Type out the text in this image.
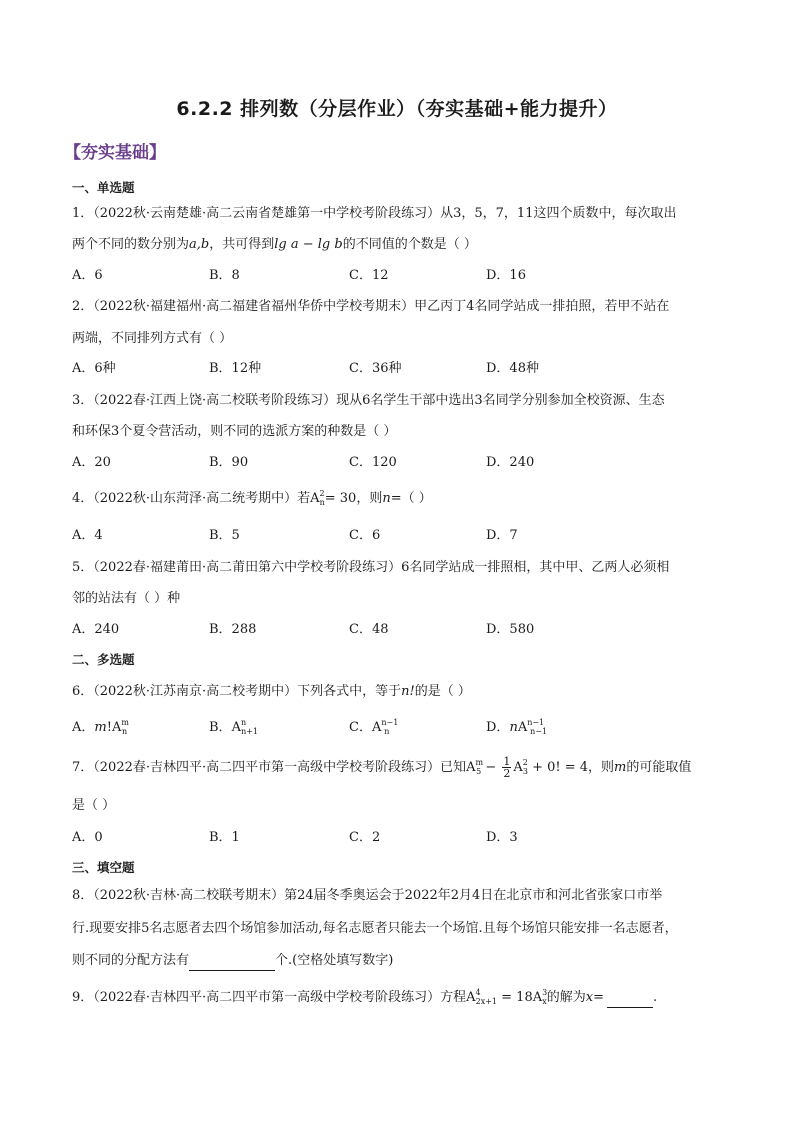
6.2.2 排列数（分层作业）（夯实基础+能力提升）
【夯实基础】
一、单选题
1．（2022秋·云南楚雄·高二云南省楚雄第一中学校考阶段练习）从3，5，7，11这四个质数中，每次取出
两个不同的数分别为a,b，共可得到lg a − lg b的不同值的个数是（ ）
A．6	B．8	C．12	D．16
2．（2022秋·福建福州·高二福建省福州华侨中学校考期末）甲乙丙丁4名同学站成一排拍照，若甲不站在
两端，不同排列方式有（ ）
A．6种	B．12种	C．36种	D．48种
3．（2022春·江西上饶·高二校联考阶段练习）现从6名学生干部中选出3名同学分别参加全校资源、生态
和环保3个夏令营活动，则不同的选派方案的种数是（ ）
A．20	B．90	C．120	D．240
4．（2022秋·山东菏泽·高二统考期中）若$A^2_n= 30$，则n=（ ）
A．4	B．5	C．6	D．7
5．（2022春·福建莆田·高二莆田第六中学校考阶段练习）6名同学站成一排照相，其中甲、乙两人必须相
邻的站法有（ ）种
A．240	B．288	C．48	D．580
二、多选题
6．（2022秋·江苏南京·高二校考期中）下列各式中，等于n!的是（ ）
A．$m!A^m_n$	B．$A^n_{n+1}$	C．$A^{n-1}_n$	D．$nA^{n-1}_{n-1}$
7．（2022春·吉林四平·高二四平市第一高级中学校考阶段练习）已知$A^m_5 - \frac{1}{2} A^2_3 + 0$! = 4，则m的可能取值
是（ ）
A．0	B．1	C．2	D．3
三、填空题
8．（2022秋·吉林·高二校联考期末）第24届冬季奥运会于2022年2月4日在北京市和河北省张家口市举
行.现要安排5名志愿者去四个场馆参加活动,每名志愿者只能去一个场馆.且每个场馆只能安排一名志愿者，
则不同的分配方法有	个.(空格处填写数字)
9．（2022春·吉林四平·高二四平市第一高级中学校考阶段练习）方程$A^4_{2x+1} = 18A^3_x$的解为x=	.
